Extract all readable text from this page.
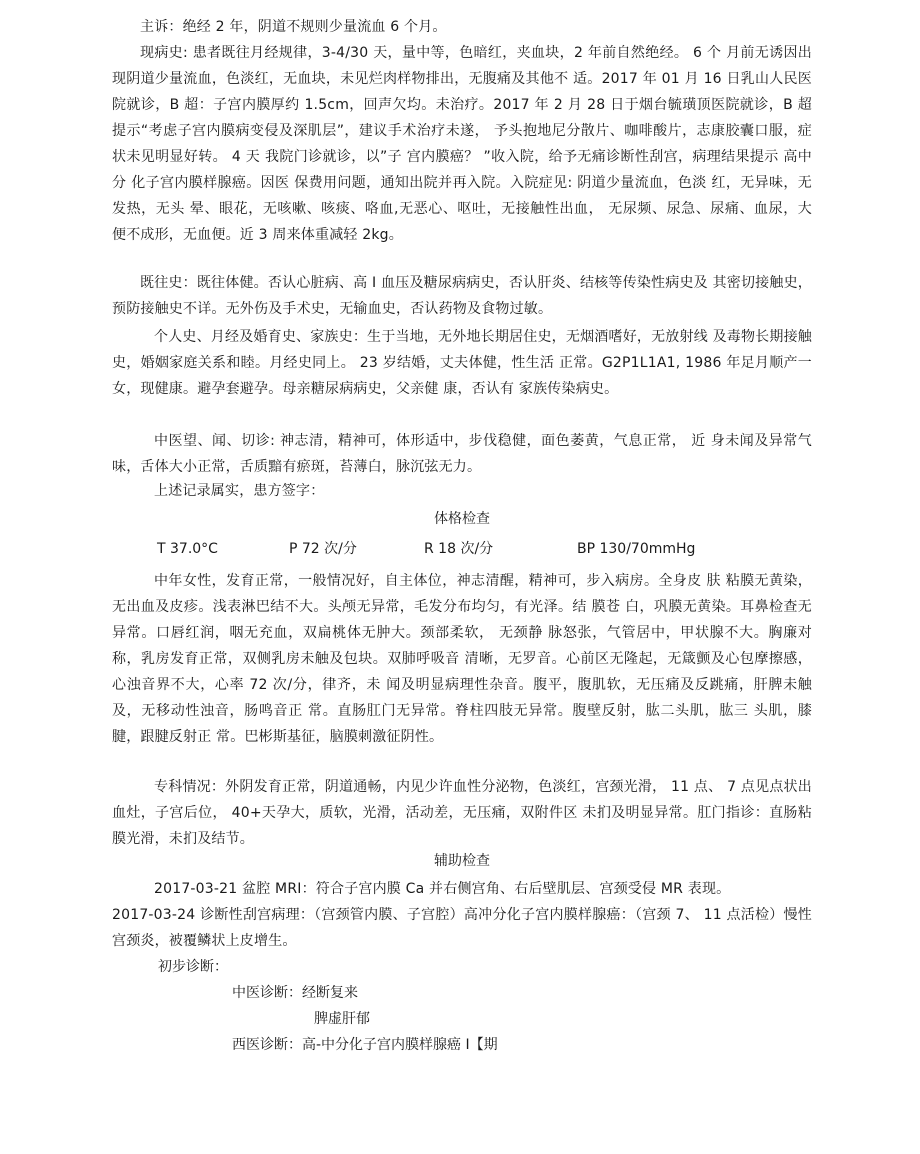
主诉：绝经 2 年，阴道不规则少量流血 6 个月。

现病史: 患者既往月经规律，3-4/30 天，量中等，色暗红，夹血块，2 年前自然绝经。 6 个 月前无诱因出现阴道少量流血，色淡红，无血块，未见烂肉样物排出，无腹痛及其他不 适。2017 年 01 月 16 日乳山人民医院就诊，B 超：子宫内膜厚约 1.5cm，回声欠均。未治疗。2017 年 2 月 28 日于烟台毓璜顶医院就诊，B 超提示“考虑子宫内膜病变侵及深肌层”，建议手术治疗未遂， 予头抱地尼分散片、咖啡酸片，志康胶囊口服，症状未见明显好转。 4 天 我院门诊就诊，以”子 宫内膜癌？ ”收入院，给予无痛诊断性刮宫，病理结果提示 高中分 化子宫内膜样腺癌。因医 保费用问题，通知出院并再入院。入院症见: 阴道少量流血，色淡 红，无异味，无发热，无头 晕、眼花，无咳嗽、咳痰、咯血,无恶心、呕吐，无接触性出血， 无尿频、尿急、尿痛、血尿，大 便不成形，无血便。近 3 周来体重减轻 2kg。

既往史：既往体健。否认心脏病、高 I 血压及糖尿病病史，否认肝炎、结核等传染性病史及 其密切接触史，预防接触史不详。无外伤及手术史，无输血史，否认药物及食物过敏。

个人史、月经及婚育史、家族史：生于当地，无外地长期居住史，无烟酒嗜好，无放射线 及毒物长期接触史，婚姻家庭关系和睦。月经史同上。 23 岁结婚，丈夫体健，性生活 正常。G2P1L1A1, 1986 年足月顺产一女，现健康。避孕套避孕。母亲糖尿病病史，父亲健 康，否认有 家族传染病史。

中医望、闻、切诊: 神志清，精神可，体形适中，步伐稳健，面色萎黄，气息正常， 近 身未闻及异常气味，舌体大小正常，舌质黯有瘀斑，苔薄白，脉沉弦无力。

上述记录属实，患方签字：

体格检查
T 37.0°C	P 72 次/分	R 18 次/分	BP 130/70mmHg

中年女性，发育正常，一般情况好，自主体位，神志清醒，精神可，步入病房。全身皮 肤 粘膜无黄染，无出血及皮疹。浅表淋巴结不大。头颅无异常，毛发分布均匀，有光泽。结 膜苍 白，巩膜无黄染。耳鼻检查无异常。口唇红润，咽无充血，双扁桃体无肿大。颈部柔软， 无颈静 脉怒张，气管居中，甲状腺不大。胸廉对称，乳房发育正常，双侧乳房未触及包块。双肺呼吸音 清晰，无罗音。心前区无隆起，无箴颤及心包摩擦感，心浊音界不大，心率 72 次/分，律齐，未 闻及明显病理性杂音。腹平，腹肌软，无压痛及反跳痛，肝脾未触及，无移动性浊音，肠鸣音正 常。直肠肛门无异常。脊柱四肢无异常。腹壁反射，肱二头肌，肱三 头肌，膝腱，跟腱反射正 常。巴彬斯基征，脑膜刺激征阴性。

专科情况：外阴发育正常，阴道通畅，内见少许血性分泌物，色淡红，宫颈光滑， 11 点、 7 点见点状出血灶，子宫后位， 40+天孕大，质软，光滑，活动差，无压痛，双附件区 未扪及明显异常。肛门指诊：直肠粘膜光滑，未扪及结节。

辅助检查

2017-03-21 盆腔 MRI：符合子宫内膜 Ca 并右侧宫角、右后壁肌层、宫颈受侵 MR 表现。

2017-03-24 诊断性刮宫病理：（宫颈管内膜、子宫腔）高冲分化子宫内膜样腺癌：（宫颈 7、 11 点活检）慢性宫颈炎，被覆鳞状上皮增生。

初步诊断：
中医诊断：经断复来
脾虚肝郁
西医诊断：高-中分化子宫内膜样腺癌 I【期
